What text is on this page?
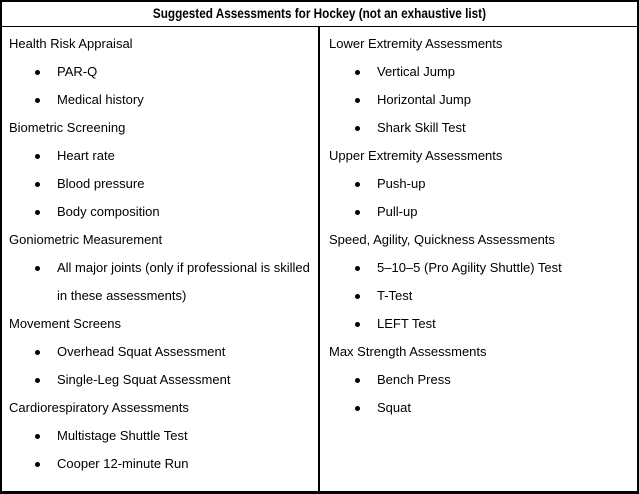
Suggested Assessments for Hockey (not an exhaustive list)
Health Risk Appraisal
PAR-Q
Medical history
Biometric Screening
Heart rate
Blood pressure
Body composition
Goniometric Measurement
All major joints (only if professional is skilled in these assessments)
Movement Screens
Overhead Squat Assessment
Single-Leg Squat Assessment
Cardiorespiratory Assessments
Multistage Shuttle Test
Cooper 12-minute Run
Lower Extremity Assessments
Vertical Jump
Horizontal Jump
Shark Skill Test
Upper Extremity Assessments
Push-up
Pull-up
Speed, Agility, Quickness Assessments
5–10–5 (Pro Agility Shuttle) Test
T-Test
LEFT Test
Max Strength Assessments
Bench Press
Squat
